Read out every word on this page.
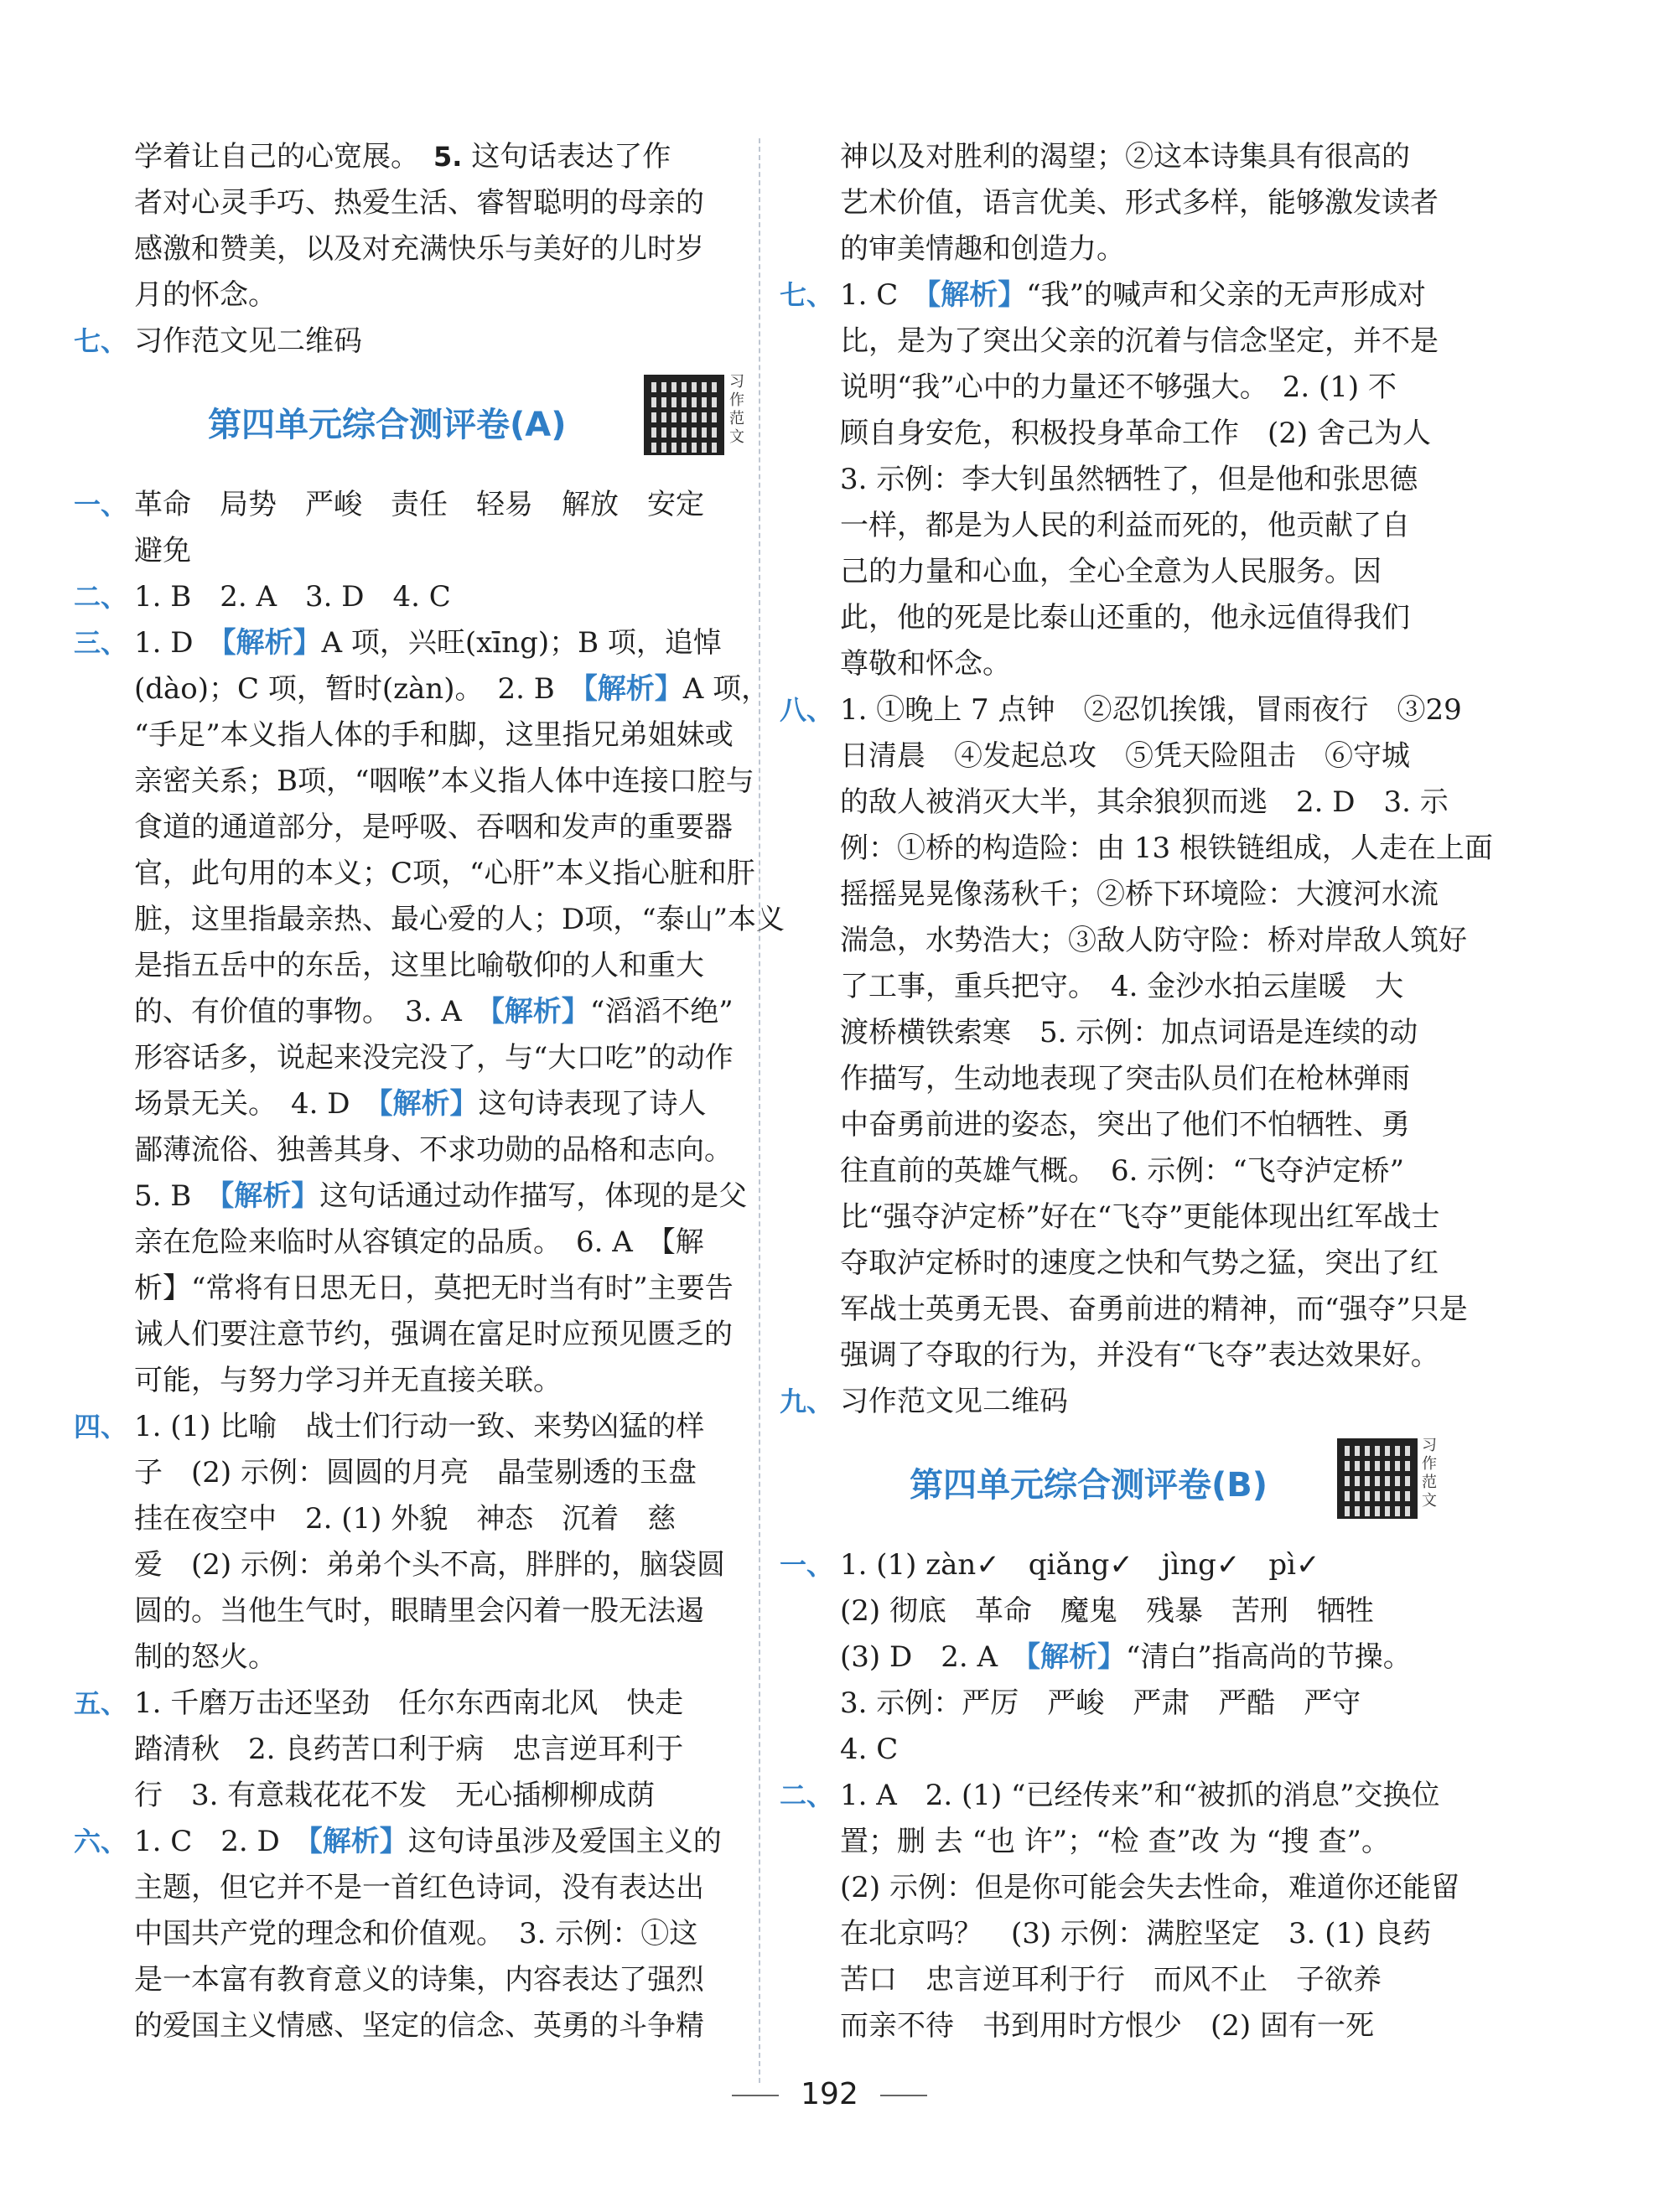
学着让自己的心宽展。　 5. 这句话表达了作
者对心灵手巧、热爱生活、睿智聪明的母亲的
感激和赞美，以及对充满快乐与美好的儿时岁
月的怀念。
七、 习作范文见二维码
第四单元综合测评卷(A)
习作范文
一、 革命　局势　严峻　责任　轻易　解放　安定
避免
二、 1. B　2. A　3. D　4. C
三、 1. D　【解析】A 项，兴旺(xīng)；B 项，追悼
(dào)；C 项，暂时(zàn)。　2. B　【解析】A 项，
“手足”本义指人体的手和脚，这里指兄弟姐妹或
亲密关系；B项，“咽喉”本义指人体中连接口腔与
食道的通道部分，是呼吸、吞咽和发声的重要器
官，此句用的本义；C项，“心肝”本义指心脏和肝
脏，这里指最亲热、最心爱的人；D项，“泰山”本义
是指五岳中的东岳，这里比喻敬仰的人和重大
的、有价值的事物。　3. A　【解析】“滔滔不绝”
形容话多，说起来没完没了，与“大口吃”的动作
场景无关。　4. D　【解析】这句诗表现了诗人
鄙薄流俗、独善其身、不求功勋的品格和志向。
5. B　【解析】这句话通过动作描写，体现的是父
亲在危险来临时从容镇定的品质。　6. A　【解
析】“常将有日思无日，莫把无时当有时”主要告
诫人们要注意节约，强调在富足时应预见匮乏的
可能，与努力学习并无直接关联。
四、 1. (1) 比喻　战士们行动一致、来势凶猛的样
子　(2) 示例：圆圆的月亮　晶莹剔透的玉盘
挂在夜空中　2. (1) 外貌　神态　沉着　慈
爱　(2) 示例：弟弟个头不高，胖胖的，脑袋圆
圆的。当他生气时，眼睛里会闪着一股无法遏
制的怒火。
五、 1. 千磨万击还坚劲　任尔东西南北风　快走
踏清秋　2. 良药苦口利于病　忠言逆耳利于
行　3. 有意栽花花不发　无心插柳柳成荫
六、 1. C　2. D　【解析】这句诗虽涉及爱国主义的
主题，但它并不是一首红色诗词，没有表达出
中国共产党的理念和价值观。　3. 示例：①这
是一本富有教育意义的诗集，内容表达了强烈
的爱国主义情感、坚定的信念、英勇的斗争精
神以及对胜利的渴望；②这本诗集具有很高的
艺术价值，语言优美、形式多样，能够激发读者
的审美情趣和创造力。
七、 1. C　【解析】“我”的喊声和父亲的无声形成对
比，是为了突出父亲的沉着与信念坚定，并不是
说明“我”心中的力量还不够强大。　2. (1) 不
顾自身安危，积极投身革命工作　(2) 舍己为人
3. 示例：李大钊虽然牺牲了，但是他和张思德
一样，都是为人民的利益而死的，他贡献了自
己的力量和心血，全心全意为人民服务。因
此，他的死是比泰山还重的，他永远值得我们
尊敬和怀念。
八、 1. ①晚上 7 点钟　②忍饥挨饿，冒雨夜行　③29
日清晨　④发起总攻　⑤凭天险阻击　⑥守城
的敌人被消灭大半，其余狼狈而逃　2. D　3. 示
例：①桥的构造险：由 13 根铁链组成，人走在上面
摇摇晃晃像荡秋千；②桥下环境险：大渡河水流
湍急，水势浩大；③敌人防守险：桥对岸敌人筑好
了工事，重兵把守。　4. 金沙水拍云崖暖　大
渡桥横铁索寒　5. 示例：加点词语是连续的动
作描写，生动地表现了突击队员们在枪林弹雨
中奋勇前进的姿态，突出了他们不怕牺牲、勇
往直前的英雄气概。　6. 示例：“飞夺泸定桥”
比“强夺泸定桥”好在“飞夺”更能体现出红军战士
夺取泸定桥时的速度之快和气势之猛，突出了红
军战士英勇无畏、奋勇前进的精神，而“强夺”只是
强调了夺取的行为，并没有“飞夺”表达效果好。
九、 习作范文见二维码
第四单元综合测评卷(B)
习作范文
一、 1. (1) zàn✓　qiǎng✓　jìng✓　pì✓
(2) 彻底　革命　魔鬼　残暴　苦刑　牺牲
(3) D　2. A　【解析】“清白”指高尚的节操。
3. 示例：严厉　严峻　严肃　严酷　严守
4. C
二、 1. A　2. (1) “已经传来”和“被抓的消息”交换位
置；删 去 “也 许”；“检 查”改 为 “搜 查”。
(2) 示例：但是你可能会失去性命，难道你还能留
在北京吗？　(3) 示例：满腔坚定　3. (1) 良药
苦口　忠言逆耳利于行　而风不止　子欲养
而亲不待　书到用时方恨少　(2) 固有一死
192
